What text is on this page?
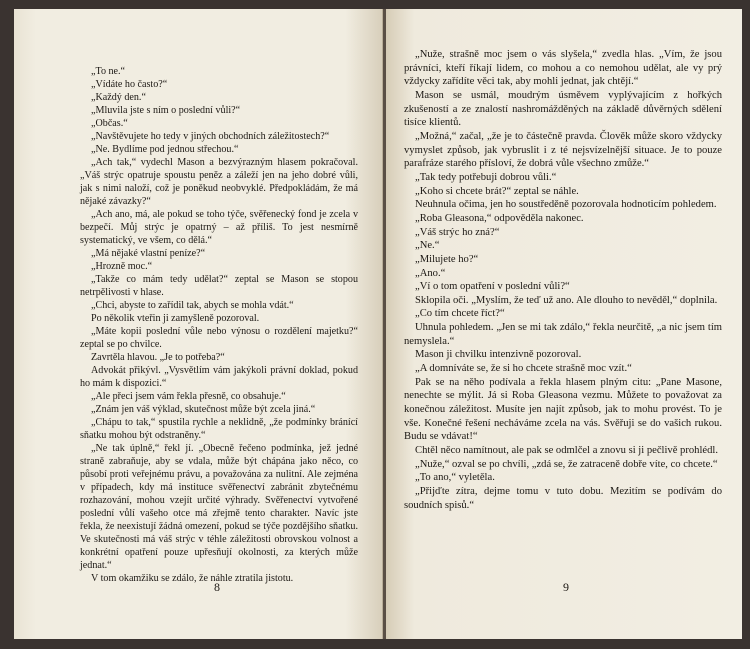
„To ne.“

„Vídáte ho často?“

„Každý den.“

„Mluvila jste s ním o poslední vůli?“

„Občas.“

„Navštěvujete ho tedy v jiných obchodních záležitostech?“

„Ne. Bydlíme pod jednou střechou.“

„Ach tak,“ vydechl Mason a bezvýrazným hlasem pokračoval. „Váš strýc opatruje spoustu peněz a záleží jen na jeho dobré vůli, jak s nimi naloží, což je poněkud neobvyklé. Předpokládám, že má nějaké závazky?“

„Ach ano, má, ale pokud se toho týče, svěřenecký fond je zcela v bezpečí. Můj strýc je opatrný – až příliš. To jest nesmírně systematický, ve všem, co dělá.“

„Má nějaké vlastní peníze?“

„Hrozně moc.“

„Takže co mám tedy udělat?“ zeptal se Mason se stopou netrpělivosti v hlase.

„Chci, abyste to zařídil tak, abych se mohla vdát.“

Po několik vteřin ji zamyšleně pozoroval.

„Máte kopii poslední vůle nebo výnosu o rozdělení majetku?“ zeptal se po chvilce.

Zavrtěla hlavou. „Je to potřeba?“

Advokát přikývl. „Vysvětlím vám jakýkoli právní doklad, pokud ho mám k dispozici.“

„Ale přeci jsem vám řekla přesně, co obsahuje.“

„Znám jen váš výklad, skutečnost může být zcela jiná.“

„Chápu to tak,“ spustila rychle a neklidně, „že podmínky bránící sňatku mohou být odstraněny.“

„Ne tak úplně,“ řekl jí. „Obecně řečeno podmínka, jež jedné straně zabraňuje, aby se vdala, může být chápána jako něco, co působí proti veřejnému právu, a považována za nulitní. Ale zejména v případech, kdy má instituce svěřenectví zabránit zbytečnému rozhazování, mohou vzejít určité výhrady. Svěřenectví vytvořené poslední vůlí vašeho otce má zřejmě tento charakter. Navíc jste řekla, že neexistují žádná omezení, pokud se týče pozdějšího sňatku. Ve skutečnosti má váš strýc v téhle záležitosti obrovskou volnost a konkrétní opatření pouze upřesňují okolnosti, za kterých může jednat.“

V tom okamžiku se zdálo, že náhle ztratila jistotu.

8

„Nuže, strašně moc jsem o vás slyšela,“ zvedla hlas. „Vím, že jsou právníci, kteří říkají lidem, co mohou a co nemohou udělat, ale vy prý vždycky zařídíte věci tak, aby mohli jednat, jak chtějí.“

Mason se usmál, moudrým úsměvem vyplývajícím z hořkých zkušeností a ze znalostí nashromážděných na základě důvěrných sdělení tisíce klientů.

„Možná,“ začal, „že je to částečně pravda. Člověk může skoro vždycky vymyslet způsob, jak vybruslit i z té nejsvízelnější situace. Je to pouze parafráze starého přísloví, že dobrá vůle všechno zmůže.“

„Tak tedy potřebuji dobrou vůli.“

„Koho si chcete brát?“ zeptal se náhle.

Neuhnula očima, jen ho soustředěně pozorovala hodnoticím pohledem.

„Roba Gleasona,“ odpověděla nakonec.

„Váš strýc ho zná?“

„Ne.“

„Milujete ho?“

„Ano.“

„Ví o tom opatření v poslední vůli?“

Sklopila oči. „Myslím, že teď už ano. Ale dlouho to nevěděl,“ doplnila.

„Co tím chcete říct?“

Uhnula pohledem. „Jen se mi tak zdálo,“ řekla neurčitě, „a nic jsem tím nemyslela.“

Mason ji chvilku intenzivně pozoroval.

„A domníváte se, že si ho chcete strašně moc vzít.“

Pak se na něho podívala a řekla hlasem plným citu: „Pane Masone, nenechte se mýlit. Já si Roba Gleasona vezmu. Můžete to považovat za konečnou záležitost. Musíte jen najít způsob, jak to mohu provést. To je vše. Konečné řešení necháváme zcela na vás. Svěřuji se do vašich rukou. Budu se vdávat!“

Chtěl něco namítnout, ale pak se odmlčel a znovu si ji pečlivě prohlédl.

„Nuže,“ ozval se po chvíli, „zdá se, že zatraceně dobře víte, co chcete.“

„To ano,“ vyletěla.

„Přijďte zítra, dejme tomu v tuto dobu. Mezitím se podívám do soudních spisů.“

9
